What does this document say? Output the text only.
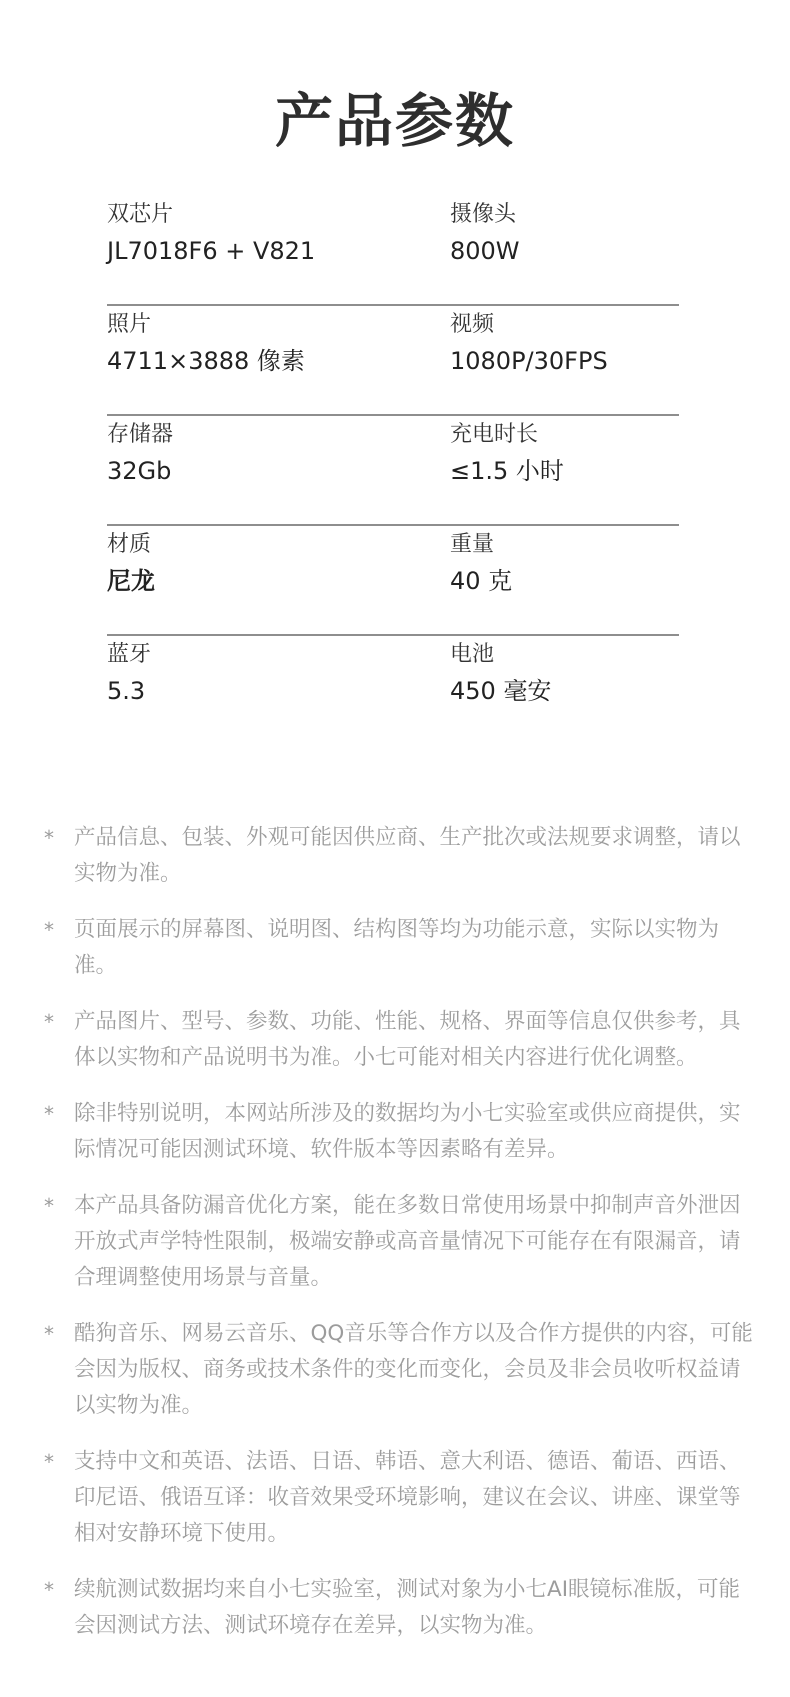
产品参数
双芯片
JL7018F6 + V821
摄像头
800W
照片
4711×3888 像素
视频
1080P/30FPS
存储器
32Gb
充电时长
≤1.5 小时
材质
尼龙
重量
40 克
蓝牙
5.3
电池
450 毫安
* 产品信息、包装、外观可能因供应商、生产批次或法规要求调整，请以实物为准。
* 页面展示的屏幕图、说明图、结构图等均为功能示意，实际以实物为准。
* 产品图片、型号、参数、功能、性能、规格、界面等信息仅供参考，具体以实物和产品说明书为准。小七可能对相关内容进行优化调整。
* 除非特别说明，本网站所涉及的数据均为小七实验室或供应商提供，实际情况可能因测试环境、软件版本等因素略有差异。
* 本产品具备防漏音优化方案，能在多数日常使用场景中抑制声音外泄因开放式声学特性限制，极端安静或高音量情况下可能存在有限漏音，请合理调整使用场景与音量。
* 酷狗音乐、网易云音乐、QQ音乐等合作方以及合作方提供的内容，可能会因为版权、商务或技术条件的变化而变化，会员及非会员收听权益请以实物为准。
* 支持中文和英语、法语、日语、韩语、意大利语、德语、葡语、西语、印尼语、俄语互译：收音效果受环境影响，建议在会议、讲座、课堂等相对安静环境下使用。
* 续航测试数据均来自小七实验室，测试对象为小七AI眼镜标准版，可能会因测试方法、测试环境存在差异，以实物为准。
